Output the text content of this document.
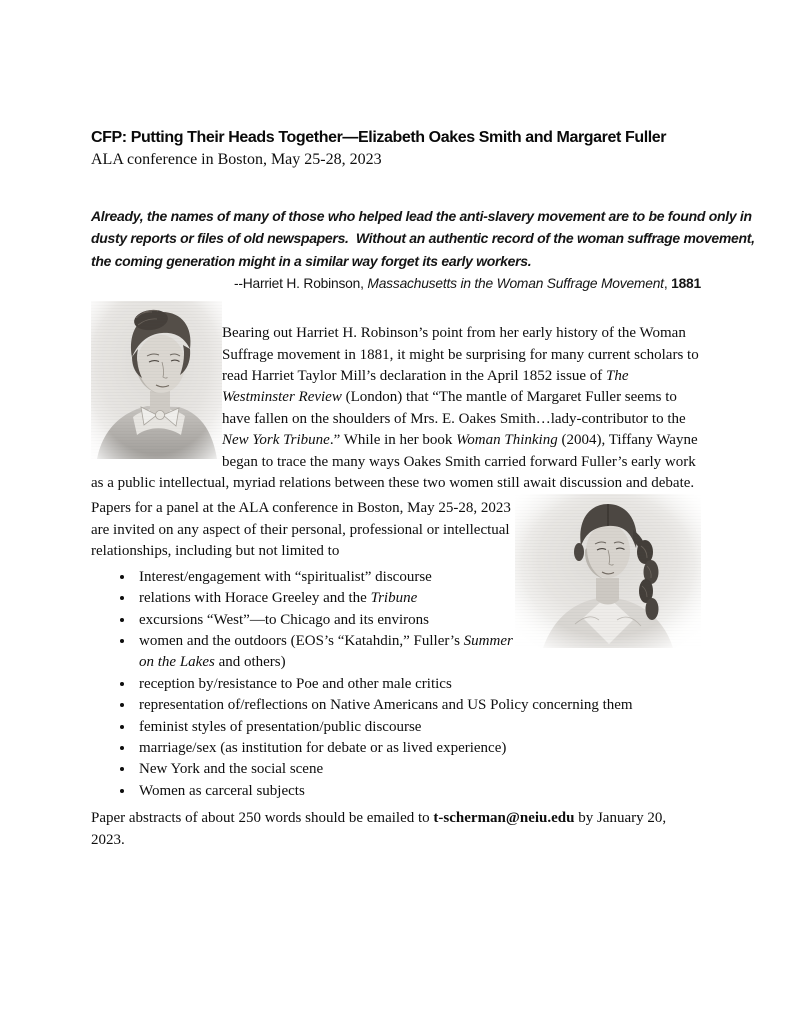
CFP: Putting Their Heads Together—Elizabeth Oakes Smith and Margaret Fuller
ALA conference in Boston, May 25-28, 2023
Already, the names of many of those who helped lead the anti-slavery movement are to be found only in
dusty reports or files of old newspapers.  Without an authentic record of the woman suffrage movement,
the coming generation might in a similar way forget its early workers.
--Harriet H. Robinson, Massachusetts in the Woman Suffrage Movement, 1881

Bearing out Harriet H. Robinson’s point from her early history of the Woman Suffrage movement in 1881, it might be surprising for many current scholars to read Harriet Taylor Mill’s declaration in the April 1852 issue of The Westminster Review (London) that “The mantle of Margaret Fuller seems to have fallen on the shoulders of Mrs. E. Oakes Smith…lady-contributor to the New York Tribune.” While in her book Woman Thinking (2004), Tiffany Wayne began to trace the many ways Oakes Smith carried forward Fuller’s early work as a public intellectual, myriad relations between these two women still await discussion and debate.

Papers for a panel at the ALA conference in Boston, May 25-28, 2023 are invited on any aspect of their personal, professional or intellectual relationships, including but not limited to

• Interest/engagement with “spiritualist” discourse
• relations with Horace Greeley and the Tribune
• excursions “West”—to Chicago and its environs
• women and the outdoors (EOS’s “Katahdin,” Fuller’s Summer on the Lakes and others)
• reception by/resistance to Poe and other male critics
• representation of/reflections on Native Americans and US Policy concerning them
• feminist styles of presentation/public discourse
• marriage/sex (as institution for debate or as lived experience)
• New York and the social scene
• Women as carceral subjects

Paper abstracts of about 250 words should be emailed to t-scherman@neiu.edu by January 20, 2023.
